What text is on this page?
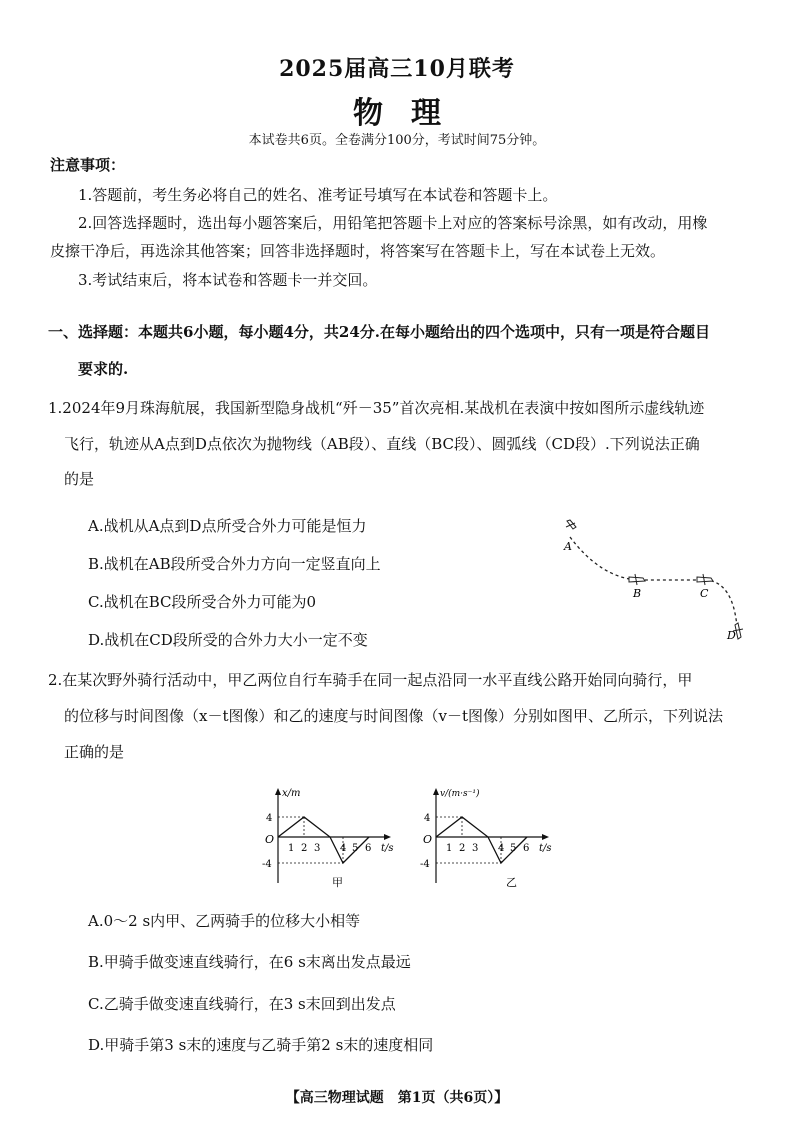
2025届高三10月联考
物理
本试卷共6页。全卷满分100分，考试时间75分钟。
注意事项：
1.答题前，考生务必将自己的姓名、准考证号填写在本试卷和答题卡上。
2.回答选择题时，选出每小题答案后，用铅笔把答题卡上对应的答案标号涂黑，如有改动，用橡
皮擦干净后，再选涂其他答案；回答非选择题时，将答案写在答题卡上，写在本试卷上无效。
3.考试结束后，将本试卷和答题卡一并交回。
一、选择题：本题共6小题，每小题4分，共24分.在每小题给出的四个选项中，只有一项是符合题目
要求的.
1.2024年9月珠海航展，我国新型隐身战机“歼－35”首次亮相.某战机在表演中按如图所示虚线轨迹
飞行，轨迹从A点到D点依次为抛物线（AB段）、直线（BC段）、圆弧线（CD段）.下列说法正确
的是
A.战机从A点到D点所受合外力可能是恒力
B.战机在AB段所受合外力方向一定竖直向上
C.战机在BC段所受合外力可能为0
D.战机在CD段所受的合外力大小一定不变
A
B	C
D
2.在某次野外骑行活动中，甲乙两位自行车骑手在同一起点沿同一水平直线公路开始同向骑行，甲
的位移与时间图像（x－t图像）和乙的速度与时间图像（v－t图像）分别如图甲、乙所示，下列说法
正确的是
x/m
t/s
O
4
-4
1 2 3 4 5 6
甲
v/(m·s⁻¹)
t/s
O
4
-4
1 2 3 4 5 6
乙
A.0～2 s内甲、乙两骑手的位移大小相等
B.甲骑手做变速直线骑行，在6 s末离出发点最远
C.乙骑手做变速直线骑行，在3 s末回到出发点
D.甲骑手第3 s末的速度与乙骑手第2 s末的速度相同
【高三物理试题　第1页（共6页）】
